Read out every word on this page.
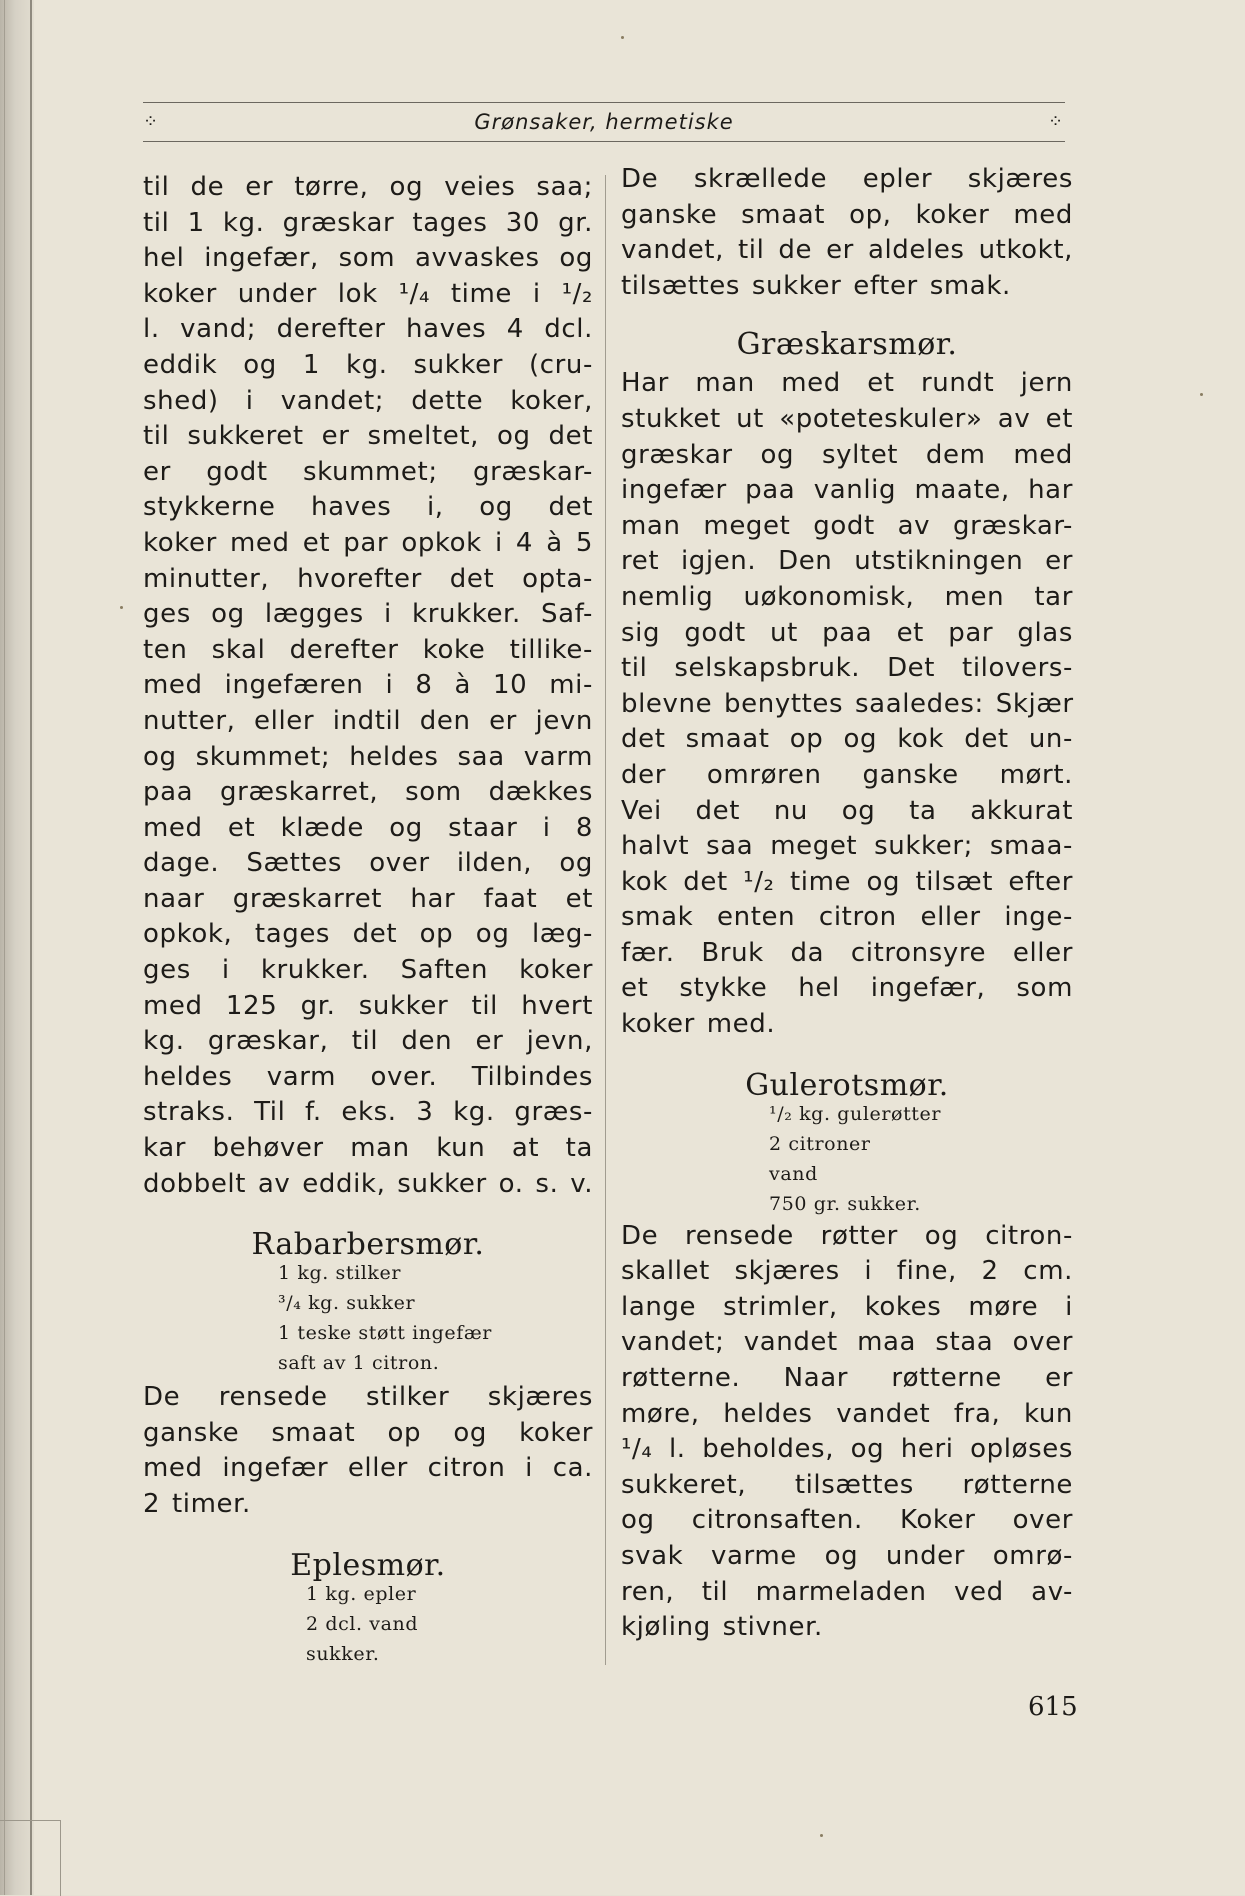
⁘	Grønsaker, hermetiske	⁘

til de er tørre, og veies saa;
til 1 kg. græskar tages 30 gr.
hel ingefær, som avvaskes og
koker under lok ¹/₄ time i ¹/₂
l. vand; derefter haves 4 dcl.
eddik og 1 kg. sukker (cru-
shed) i vandet; dette koker,
til sukkeret er smeltet, og det
er godt skummet; græskar-
stykkerne haves i, og det
koker med et par opkok i 4 à 5
minutter, hvorefter det opta-
ges og lægges i krukker. Saf-
ten skal derefter koke tillike-
med ingefæren i 8 à 10 mi-
nutter, eller indtil den er jevn
og skummet; heldes saa varm
paa græskarret, som dækkes
med et klæde og staar i 8
dage. Sættes over ilden, og
naar græskarret har faat et
opkok, tages det op og læg-
ges i krukker. Saften koker
med 125 gr. sukker til hvert
kg. græskar, til den er jevn,
heldes varm over. Tilbindes
straks. Til f. eks. 3 kg. græs-
kar behøver man kun at ta
dobbelt av eddik, sukker o. s. v.

Rabarbersmør.

1 kg. stilker
³/₄ kg. sukker
1 teske støtt ingefær
saft av 1 citron.

De rensede stilker skjæres
ganske smaat op og koker
med ingefær eller citron i ca.
2 timer.

Eplesmør.

1 kg. epler
2 dcl. vand
sukker.

De skrællede epler skjæres
ganske smaat op, koker med
vandet, til de er aldeles utkokt,
tilsættes sukker efter smak.

Græskarsmør.

Har man med et rundt jern
stukket ut «poteteskuler» av et
græskar og syltet dem med
ingefær paa vanlig maate, har
man meget godt av græskar-
ret igjen. Den utstikningen er
nemlig uøkonomisk, men tar
sig godt ut paa et par glas
til selskapsbruk. Det tilovers-
blevne benyttes saaledes: Skjær
det smaat op og kok det un-
der omrøren ganske mørt.
Vei det nu og ta akkurat
halvt saa meget sukker; smaa-
kok det ¹/₂ time og tilsæt efter
smak enten citron eller inge-
fær. Bruk da citronsyre eller
et stykke hel ingefær, som
koker med.

Gulerotsmør.

¹/₂ kg. gulerøtter
2 citroner
vand
750 gr. sukker.

De rensede røtter og citron-
skallet skjæres i fine, 2 cm.
lange strimler, kokes møre i
vandet; vandet maa staa over
røtterne. Naar røtterne er
møre, heldes vandet fra, kun
¹/₄ l. beholdes, og heri opløses
sukkeret, tilsættes røtterne
og citronsaften. Koker over
svak varme og under omrø-
ren, til marmeladen ved av-
kjøling stivner.

615
